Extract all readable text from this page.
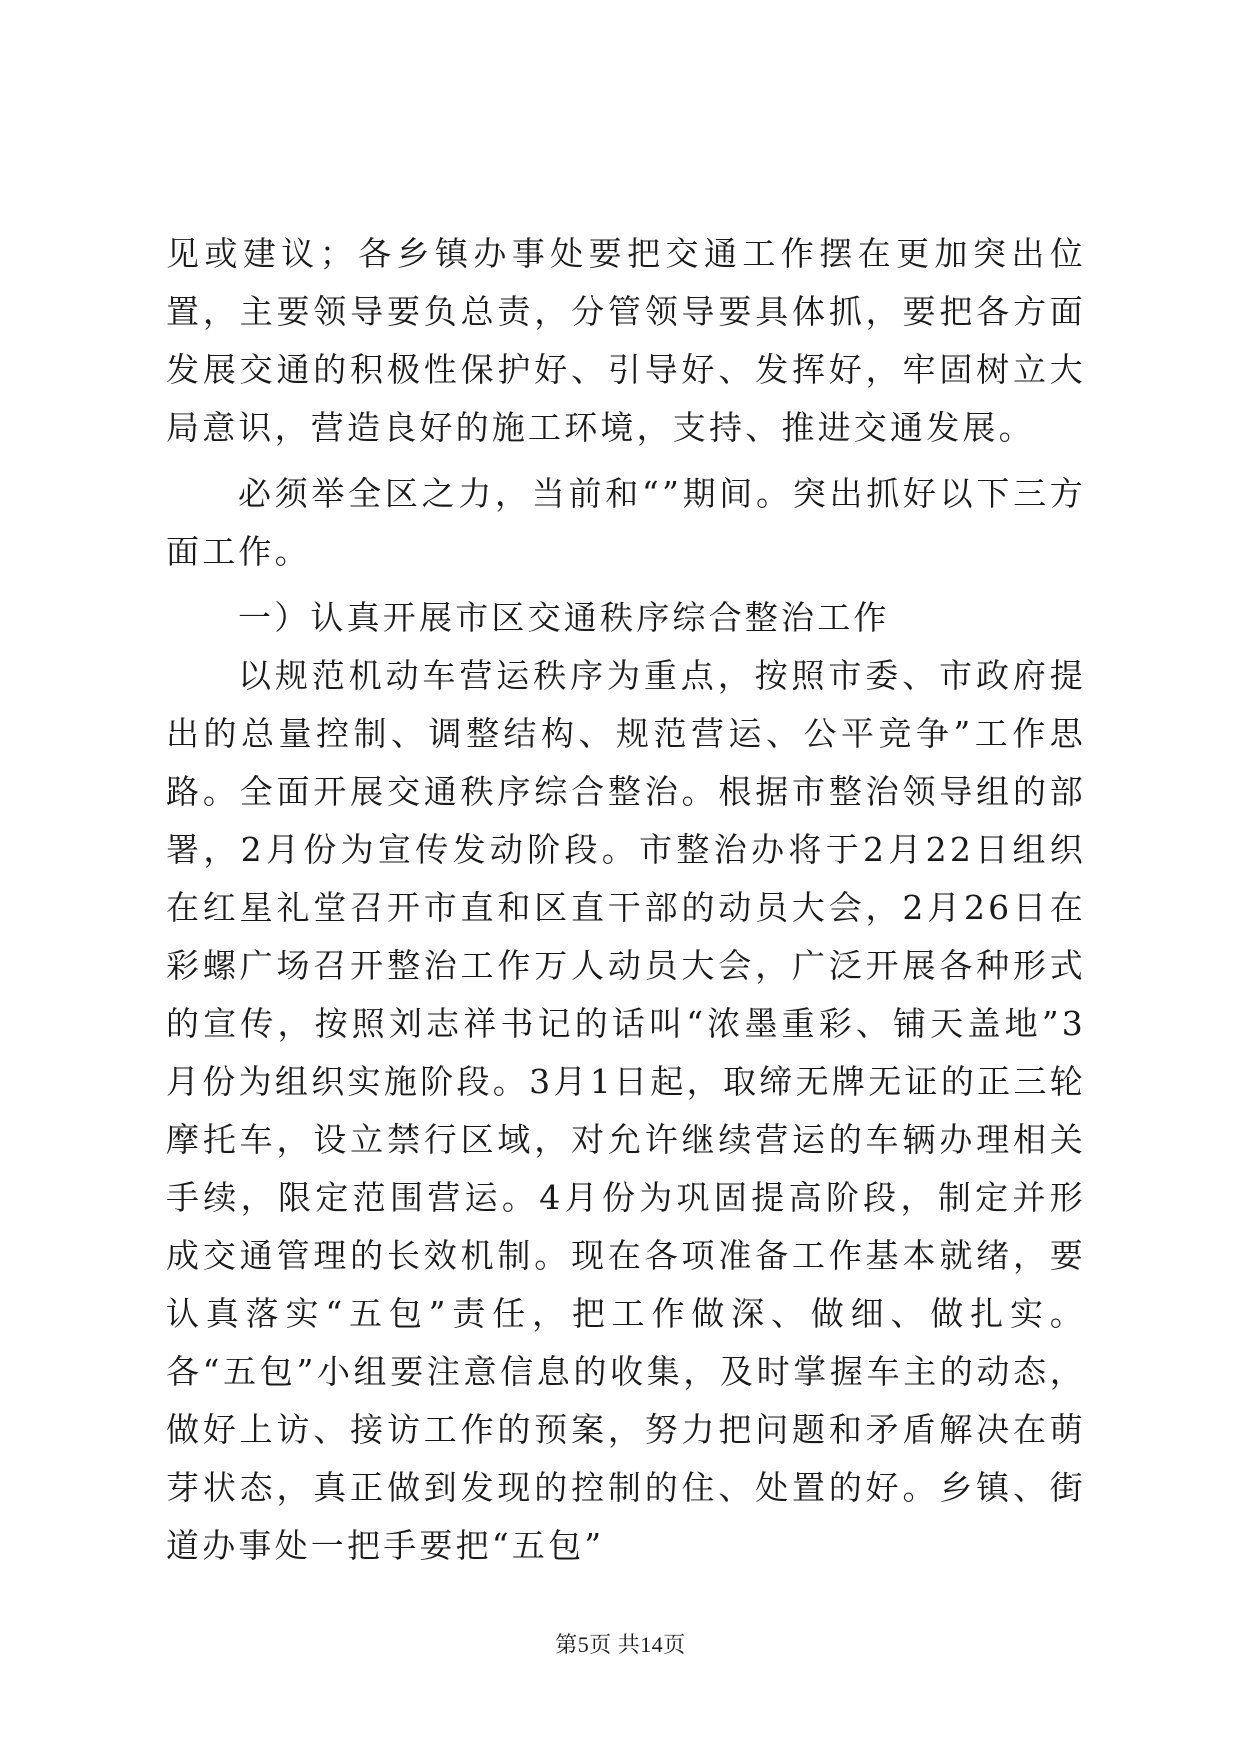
见或建议；各乡镇办事处要把交通工作摆在更加突出位置，主要领导要负总责，分管领导要具体抓，要把各方面发展交通的积极性保护好、引导好、发挥好，牢固树立大局意识，营造良好的施工环境，支持、推进交通发展。

必须举全区之力，当前和“”期间。突出抓好以下三方面工作。

一）认真开展市区交通秩序综合整治工作

以规范机动车营运秩序为重点，按照市委、市政府提出的总量控制、调整结构、规范营运、公平竞争”工作思路。全面开展交通秩序综合整治。根据市整治领导组的部署，2月份为宣传发动阶段。市整治办将于2月22日组织在红星礼堂召开市直和区直干部的动员大会，2月26日在彩螺广场召开整治工作万人动员大会，广泛开展各种形式的宣传，按照刘志祥书记的话叫“浓墨重彩、铺天盖地”3月份为组织实施阶段。3月1日起，取缔无牌无证的正三轮摩托车，设立禁行区域，对允许继续营运的车辆办理相关手续，限定范围营运。4月份为巩固提高阶段，制定并形成交通管理的长效机制。现在各项准备工作基本就绪，要认真落实“五包”责任，把工作做深、做细、做扎实。各“五包”小组要注意信息的收集，及时掌握车主的动态，做好上访、接访工作的预案，努力把问题和矛盾解决在萌芽状态，真正做到发现的控制的住、处置的好。乡镇、街道办事处一把手要把“五包”

第5页 共14页
